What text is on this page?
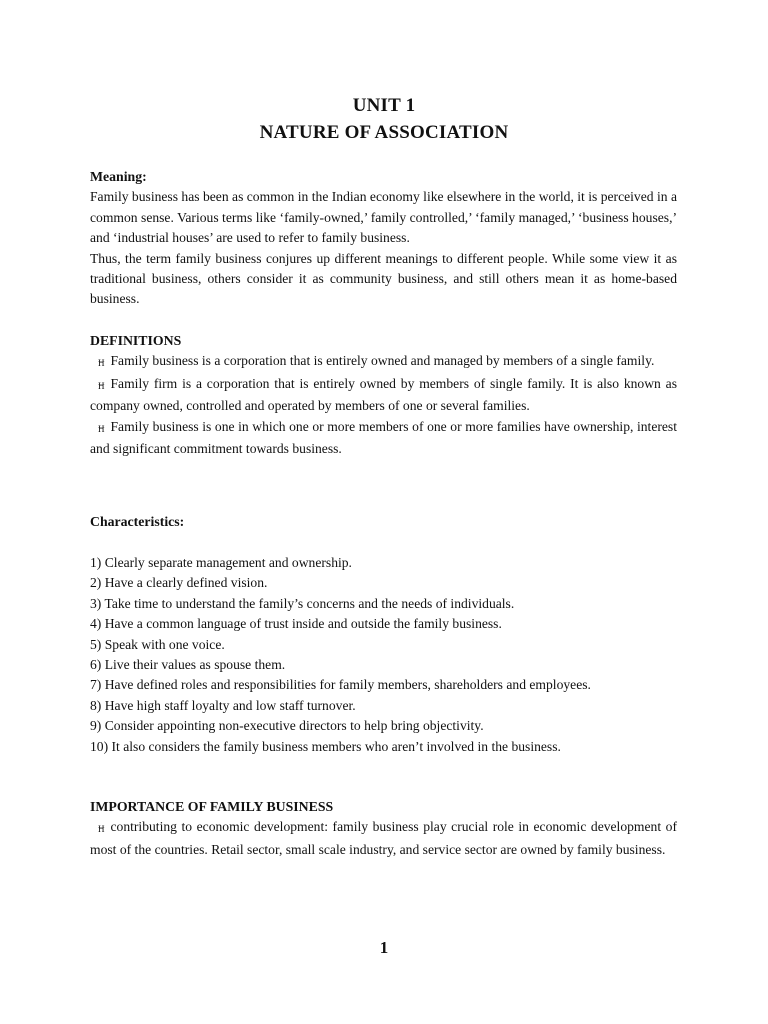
UNIT 1
NATURE OF ASSOCIATION
Meaning:

Family business has been as common in the Indian economy like elsewhere in the world, it is perceived in a common sense. Various terms like ‘family-owned,’ family controlled,’ ‘family managed,’ ‘business houses,’ and ‘industrial houses’ are used to refer to family business.

Thus, the term family business conjures up different meanings to different people. While some view it as traditional business, others consider it as community business, and still others mean it as home-based business.

DEFINITIONS

Ħ Family business is a corporation that is entirely owned and managed by members of a single family.

Ħ Family firm is a corporation that is entirely owned by members of single family. It is also known as company owned, controlled and operated by members of one or several families.

Ħ Family business is one in which one or more members of one or more families have ownership, interest and significant commitment towards business.

Characteristics:

1) Clearly separate management and ownership.

2) Have a clearly defined vision.

3) Take time to understand the family’s concerns and the needs of individuals.

4) Have a common language of trust inside and outside the family business.

5) Speak with one voice.

6) Live their values as spouse them.

7) Have defined roles and responsibilities for family members, shareholders and employees.

8) Have high staff loyalty and low staff turnover.

9) Consider appointing non-executive directors to help bring objectivity.

10) It also considers the family business members who aren’t involved in the business.

IMPORTANCE OF FAMILY BUSINESS

Ħ contributing to economic development: family business play crucial role in economic development of most of the countries. Retail sector, small scale industry, and service sector are owned by family business.

1
